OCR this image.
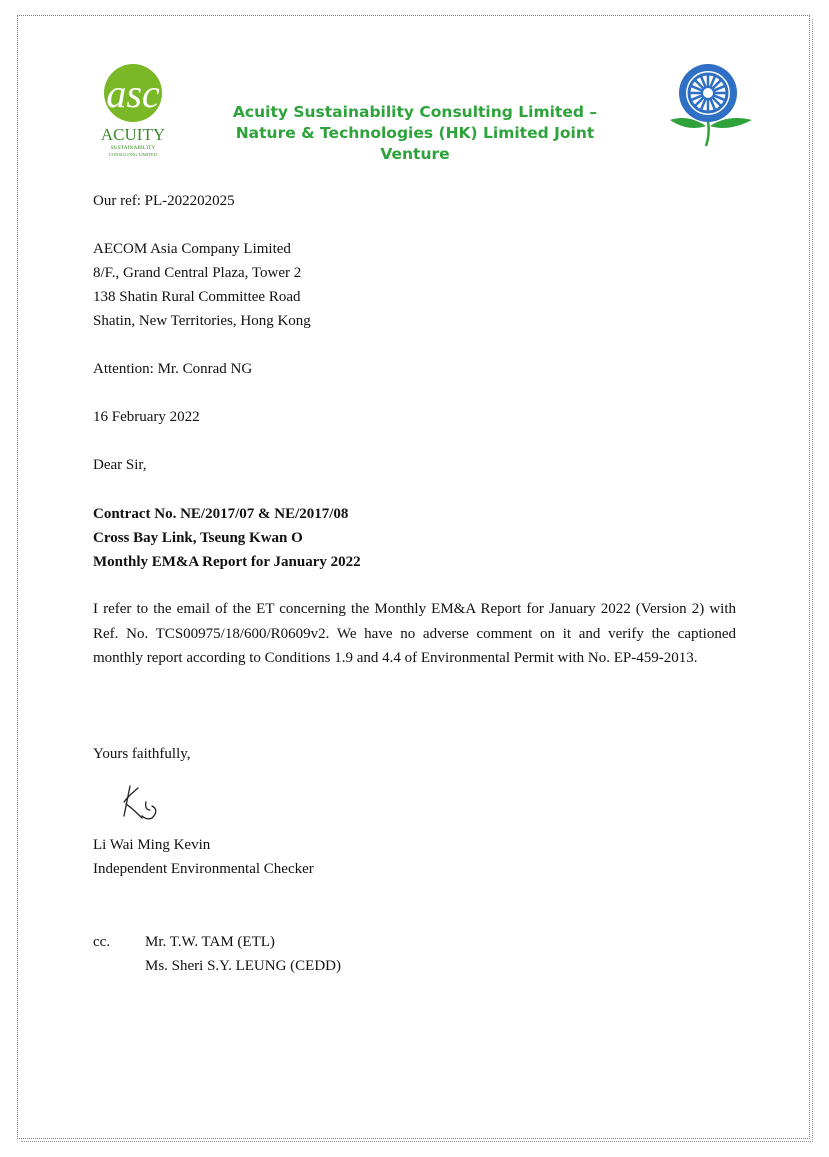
asc
ACUITY
SUSTAINABILITY
CONSULTING LIMITED
Acuity Sustainability Consulting Limited –
Nature & Technologies (HK) Limited Joint Venture
Our ref: PL-202202025
AECOM Asia Company Limited
8/F., Grand Central Plaza, Tower 2
138 Shatin Rural Committee Road
Shatin, New Territories, Hong Kong
Attention: Mr. Conrad NG
16 February 2022
Dear Sir,
Contract No. NE/2017/07 & NE/2017/08
Cross Bay Link, Tseung Kwan O
Monthly EM&A Report for January 2022
I refer to the email of the ET concerning the Monthly EM&A Report for January 2022 (Version 2) with Ref. No. TCS00975/18/600/R0609v2. We have no adverse comment on it and verify the captioned monthly report according to Conditions 1.9 and 4.4 of Environmental Permit with No. EP-459-2013.
Yours faithfully,
Li Wai Ming Kevin
Independent Environmental Checker
cc. Mr. T.W. TAM (ETL)
Ms. Sheri S.Y. LEUNG (CEDD)
